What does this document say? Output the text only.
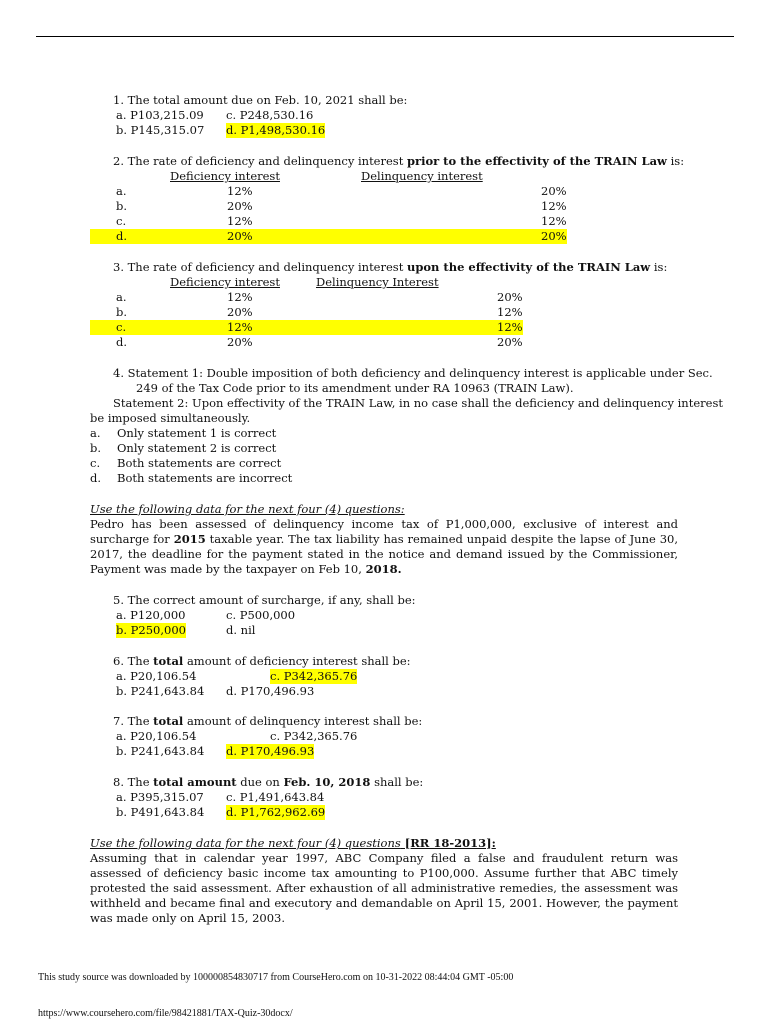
1. The total amount due on Feb. 10, 2021 shall be:
a. P103,215.09 c. P248,530.16
b. P145,315.07 d. P1,498,530.16
2. The rate of deficiency and delinquency interest prior to the effectivity of the TRAIN Law is:
Deficiency interest	Delinquency interest
a.	12%	20%
b.	20%	12%
c.	12%	12%
d.	20%	20%
3. The rate of deficiency and delinquency interest upon the effectivity of the TRAIN Law is:
Deficiency interest	Delinquency Interest
a.	12%	20%
b.	20%	12%
c.	12%	12%
d.	20%	20%
4. Statement 1: Double imposition of both deficiency and delinquency interest is applicable under Sec.
249 of the Tax Code prior to its amendment under RA 10963 (TRAIN Law).
Statement 2: Upon effectivity of the TRAIN Law, in no case shall the deficiency and delinquency interest
be imposed simultaneously.
a. Only statement 1 is correct
b. Only statement 2 is correct
c. Both statements are correct
d. Both statements are incorrect
Use the following data for the next four (4) questions:
Pedro has been assessed of delinquency income tax of P1,000,000, exclusive of interest and surcharge for 2015 taxable year. The tax liability has remained unpaid despite the lapse of June 30, 2017, the deadline for the payment stated in the notice and demand issued by the Commissioner, Payment was made by the taxpayer on Feb 10, 2018.
5. The correct amount of surcharge, if any, shall be:
a. P120,000	c. P500,000
b. P250,000	d. nil
6. The total amount of deficiency interest shall be:
a. P20,106.54	c. P342,365.76
b. P241,643.84 d. P170,496.93
7. The total amount of delinquency interest shall be:
a. P20,106.54	c. P342,365.76
b. P241,643.84 d. P170,496.93
8. The total amount due on Feb. 10, 2018 shall be:
a. P395,315.07 c. P1,491,643.84
b. P491,643.84 d. P1,762,962.69
Use the following data for the next four (4) questions [RR 18-2013]:
Assuming that in calendar year 1997, ABC Company filed a false and fraudulent return was assessed of deficiency basic income tax amounting to P100,000. Assume further that ABC timely protested the said assessment. After exhaustion of all administrative remedies, the assessment was withheld and became final and executory and demandable on April 15, 2001. However, the payment was made only on April 15, 2003.
This study source was downloaded by 100000854830717 from CourseHero.com on 10-31-2022 08:44:04 GMT -05:00
https://www.coursehero.com/file/98421881/TAX-Quiz-30docx/
